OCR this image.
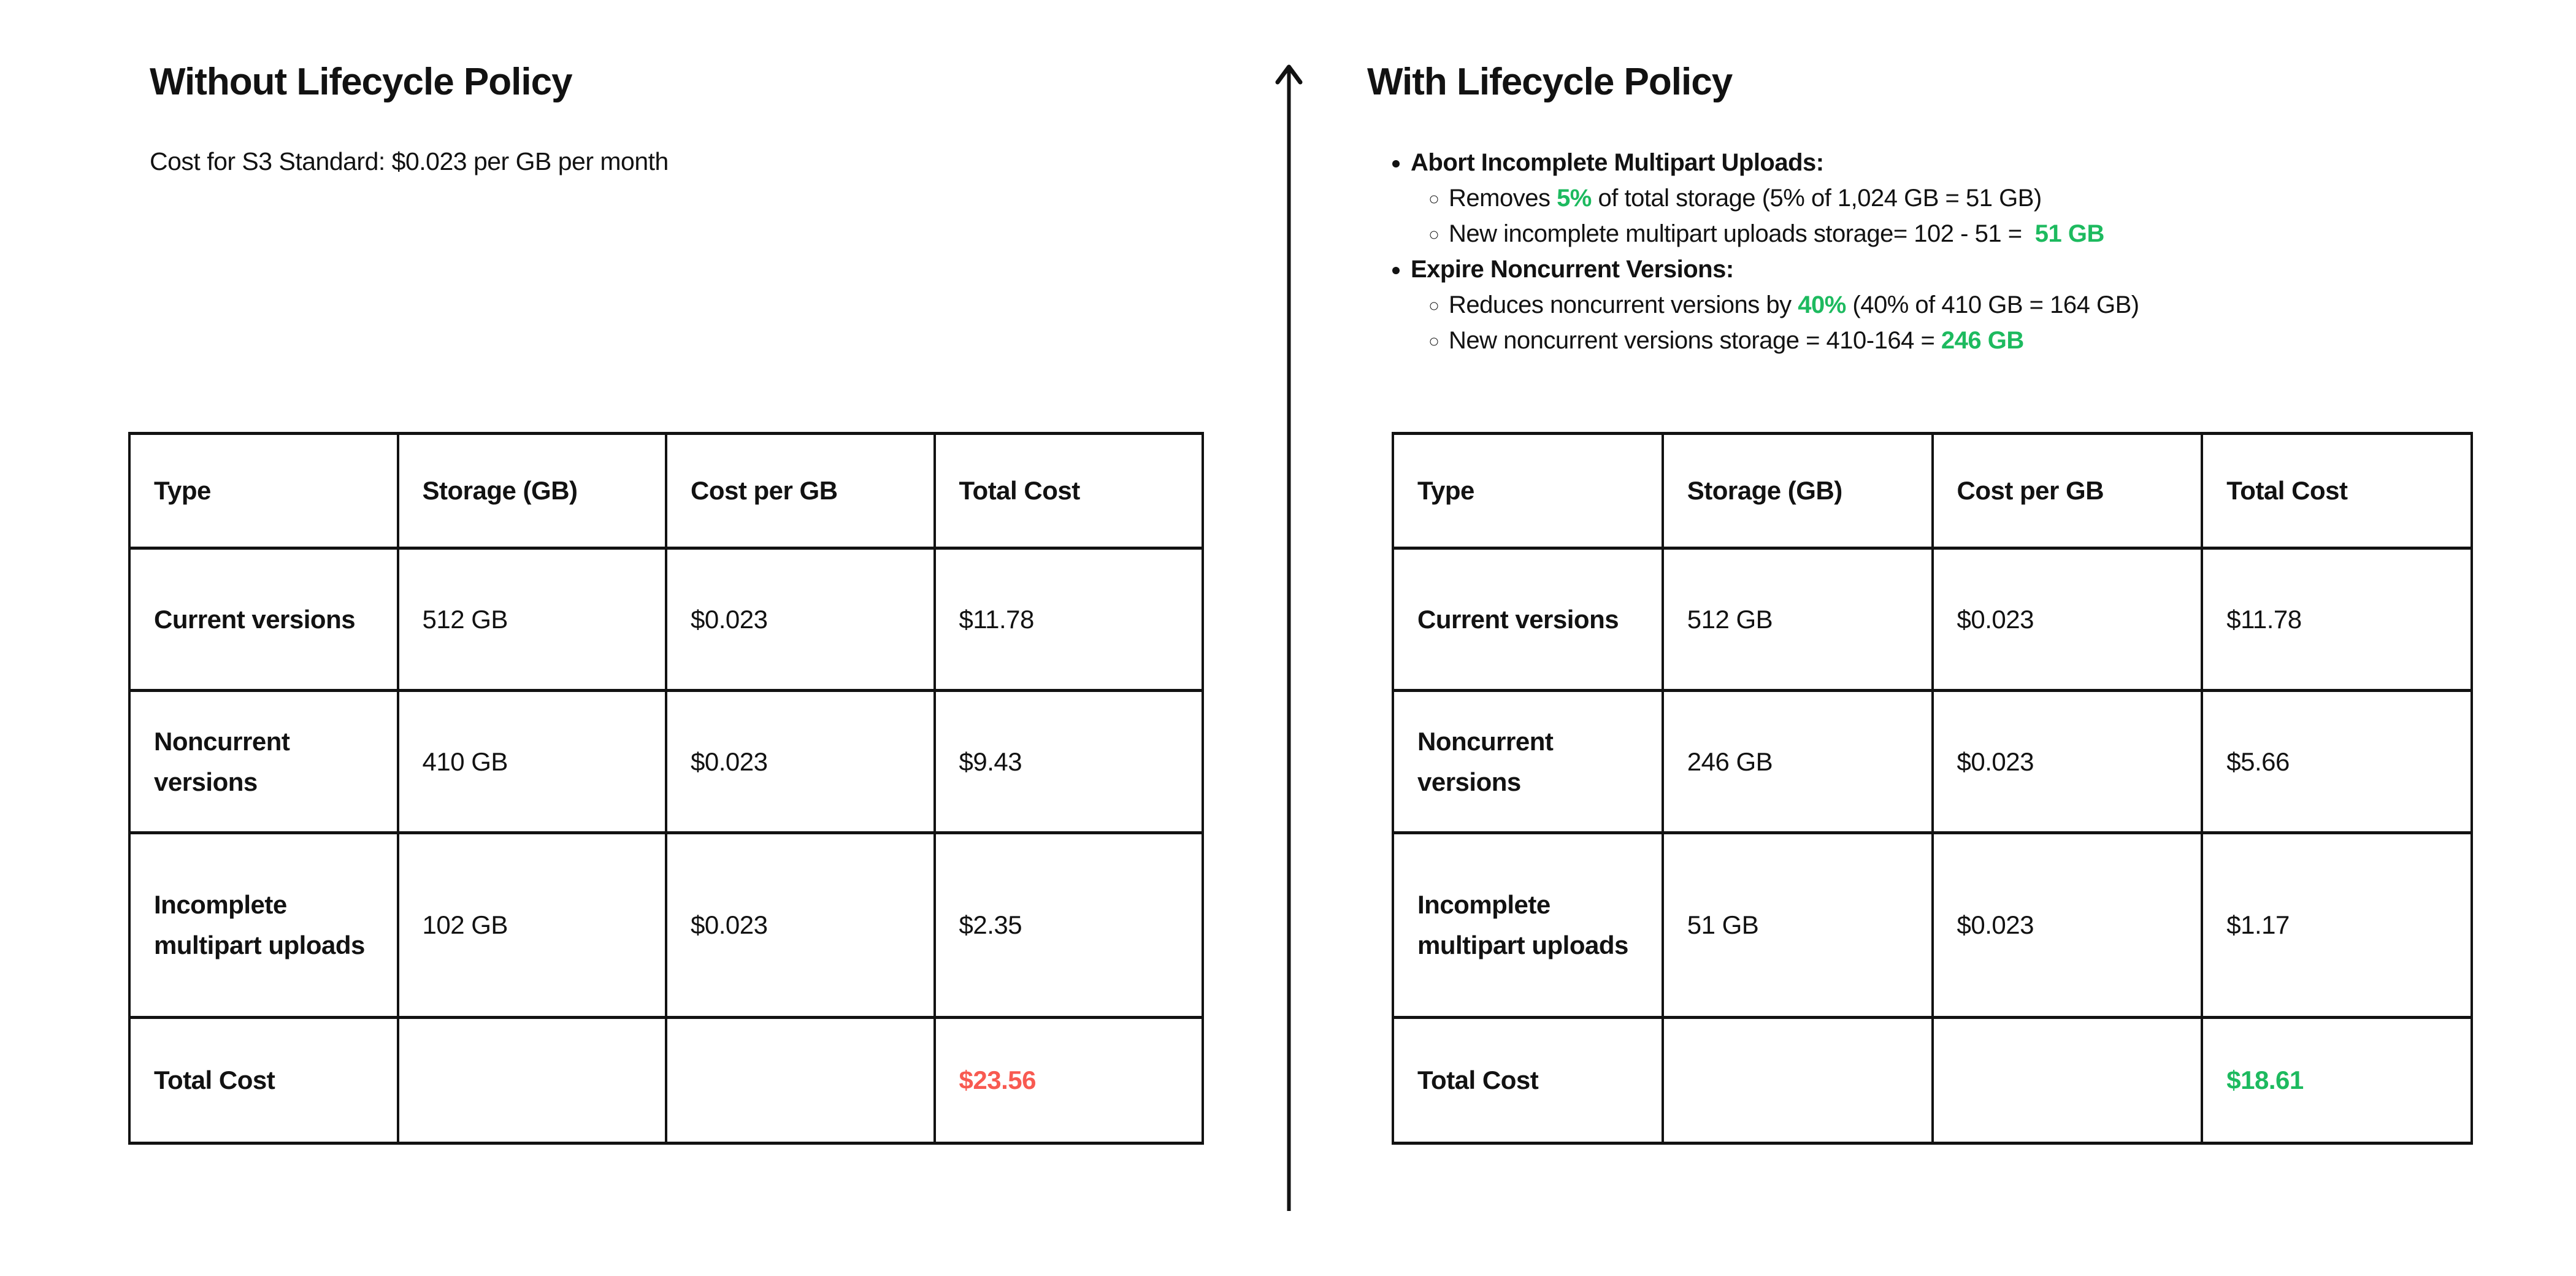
Without Lifecycle Policy

Cost for S3 Standard: $0.023 per GB per month

Type	Storage (GB)	Cost per GB	Total Cost
Current versions	512 GB	$0.023	$11.78
Noncurrent versions	410 GB	$0.023	$9.43
Incomplete multipart uploads	102 GB	$0.023	$2.35
Total Cost			$23.56
With Lifecycle Policy
• Abort Incomplete Multipart Uploads:
◦ Removes 5% of total storage (5% of 1,024 GB = 51 GB)
◦ New incomplete multipart uploads storage= 102 - 51 =  51 GB
• Expire Noncurrent Versions:
◦ Reduces noncurrent versions by 40% (40% of 410 GB = 164 GB)
◦ New noncurrent versions storage = 410-164 = 246 GB
Type	Storage (GB)	Cost per GB	Total Cost
Current versions	512 GB	$0.023	$11.78
Noncurrent versions	246 GB	$0.023	$5.66
Incomplete multipart uploads	51 GB	$0.023	$1.17
Total Cost			$18.61
